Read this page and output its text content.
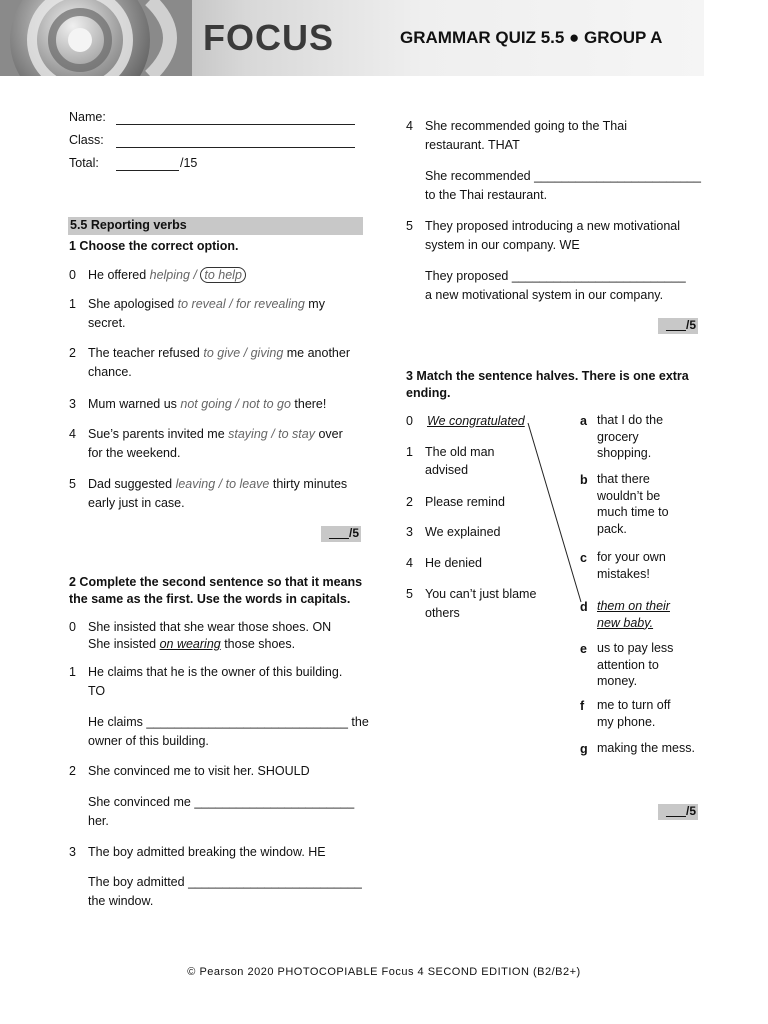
FOCUS	GRAMMAR QUIZ 5.5 ● GROUP A
Name:
Class:
Total:	/15
5.5 Reporting verbs
1 Choose the correct option.
0 He offered helping / to help
1 She apologised to reveal / for revealing my
secret.
2 The teacher refused to give / giving me another
chance.
3 Mum warned us not going / not to go there!
4 Sue’s parents invited me staying / to stay over
for the weekend.
5 Dad suggested leaving / to leave thirty minutes
early just in case.
/5
2 Complete the second sentence so that it means
the same as the first. Use the words in capitals.
0 She insisted that she wear those shoes. ON
She insisted on wearing those shoes.
1 He claims that he is the owner of this building.
TO
He claims _____________________________ the
owner of this building.
2 She convinced me to visit her. SHOULD
She convinced me _______________________
her.
3 The boy admitted breaking the window. HE
The boy admitted _________________________
the window.
4 She recommended going to the Thai
restaurant. THAT
She recommended ________________________
to the Thai restaurant.
5 They proposed introducing a new motivational
system in our company. WE
They proposed _________________________
a new motivational system in our company.
/5
3 Match the sentence halves. There is one extra
ending.
0 We congratulated
1 The old man
advised
2 Please remind
3 We explained
4 He denied
5 You can’t just blame
others
a that I do the
grocery
shopping.
b that there
wouldn’t be
much time to
pack.
c for your own
mistakes!
d them on their
new baby.
e us to pay less
attention to
money.
f me to turn off
my phone.
g making the mess.
/5
© Pearson 2020 PHOTOCOPIABLE Focus 4 SECOND EDITION (B2/B2+)
